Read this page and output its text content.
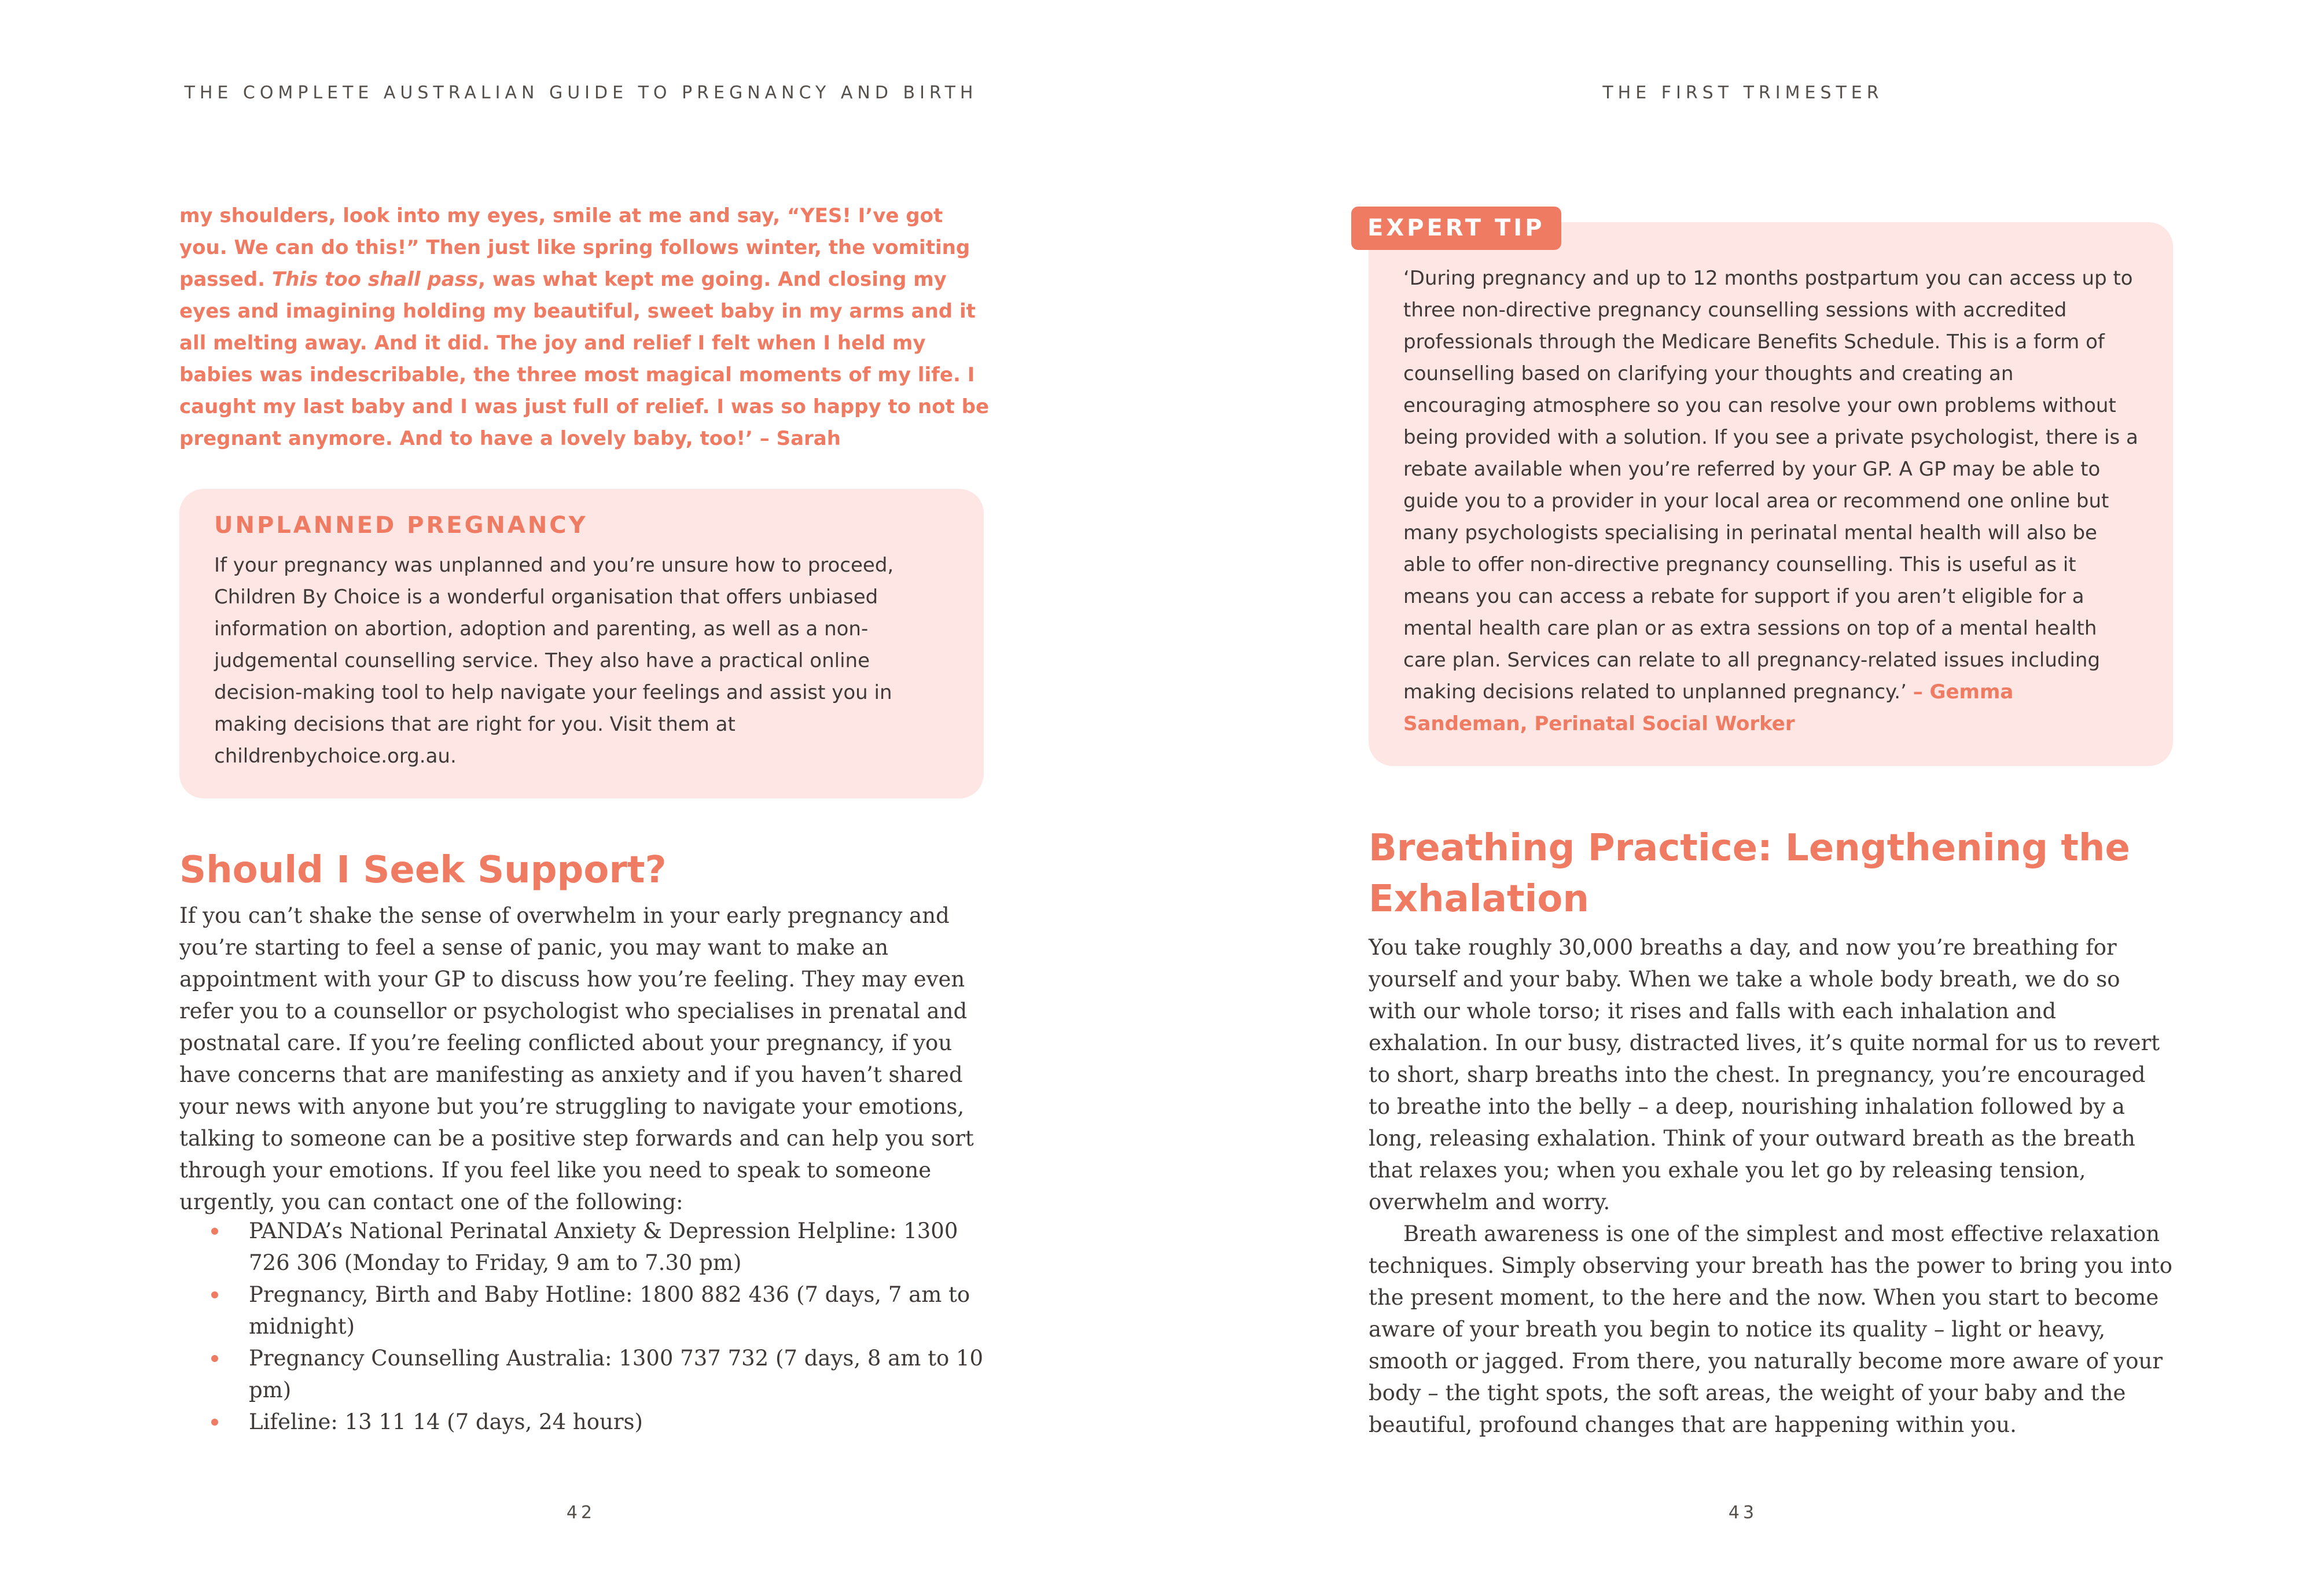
THE COMPLETE AUSTRALIAN GUIDE TO PREGNANCY AND BIRTH

my shoulders, look into my eyes, smile at me and say, “YES! I’ve got you. We can do this!” Then just like spring follows winter, the vomiting passed. This too shall pass, was what kept me going. And closing my eyes and imagining holding my beautiful, sweet baby in my arms and it all melting away. And it did. The joy and relief I felt when I held my babies was indescribable, the three most magical moments of my life. I caught my last baby and I was just full of relief. I was so happy to not be pregnant anymore. And to have a lovely baby, too!’ – Sarah

UNPLANNED PREGNANCY

If your pregnancy was unplanned and you’re unsure how to proceed, Children By Choice is a wonderful organisation that offers unbiased information on abortion, adoption and parenting, as well as a non-judgemental counselling service. They also have a practical online decision-making tool to help navigate your feelings and assist you in making decisions that are right for you. Visit them at childrenbychoice.org.au.

Should I Seek Support?

If you can’t shake the sense of overwhelm in your early pregnancy and you’re starting to feel a sense of panic, you may want to make an appointment with your GP to discuss how you’re feeling. They may even refer you to a counsellor or psychologist who specialises in prenatal and postnatal care. If you’re feeling conflicted about your pregnancy, if you have concerns that are manifesting as anxiety and if you haven’t shared your news with anyone but you’re struggling to navigate your emotions, talking to someone can be a positive step forwards and can help you sort through your emotions. If you feel like you need to speak to someone urgently, you can contact one of the following:

PANDA’s National Perinatal Anxiety & Depression Helpline: 1300 726 306 (Monday to Friday, 9 am to 7.30 pm)
Pregnancy, Birth and Baby Hotline: 1800 882 436 (7 days, 7 am to midnight)
Pregnancy Counselling Australia: 1300 737 732 (7 days, 8 am to 10 pm)
Lifeline: 13 11 14 (7 days, 24 hours)
42
THE FIRST TRIMESTER
43

‘During pregnancy and up to 12 months postpartum you can access up to three non-directive pregnancy counselling sessions with accredited professionals through the Medicare Benefits Schedule. This is a form of counselling based on clarifying your thoughts and creating an encouraging atmosphere so you can resolve your own problems without being provided with a solution. If you see a private psychologist, there is a rebate available when you’re referred by your GP. A GP may be able to guide you to a provider in your local area or recommend one online but many psychologists specialising in perinatal mental health will also be able to offer non-directive pregnancy counselling. This is useful as it means you can access a rebate for support if you aren’t eligible for a mental health care plan or as extra sessions on top of a mental health care plan. Services can relate to all pregnancy-related issues including making decisions related to unplanned pregnancy.’ – Gemma Sandeman, Perinatal Social Worker

EXPERT TIP
Breathing Practice: Lengthening the Exhalation

You take roughly 30,000 breaths a day, and now you’re breathing for yourself and your baby. When we take a whole body breath, we do so with our whole torso; it rises and falls with each inhalation and exhalation. In our busy, distracted lives, it’s quite normal for us to revert to short, sharp breaths into the chest. In pregnancy, you’re encouraged to breathe into the belly – a deep, nourishing inhalation followed by a long, releasing exhalation. Think of your outward breath as the breath that relaxes you; when you exhale you let go by releasing tension, overwhelm and worry.
Breath awareness is one of the simplest and most effective relaxation techniques. Simply observing your breath has the power to bring you into the present moment, to the here and the now. When you start to become aware of your breath you begin to notice its quality – light or heavy, smooth or jagged. From there, you naturally become more aware of your body – the tight spots, the soft areas, the weight of your baby and the beautiful, profound changes that are happening within you.
